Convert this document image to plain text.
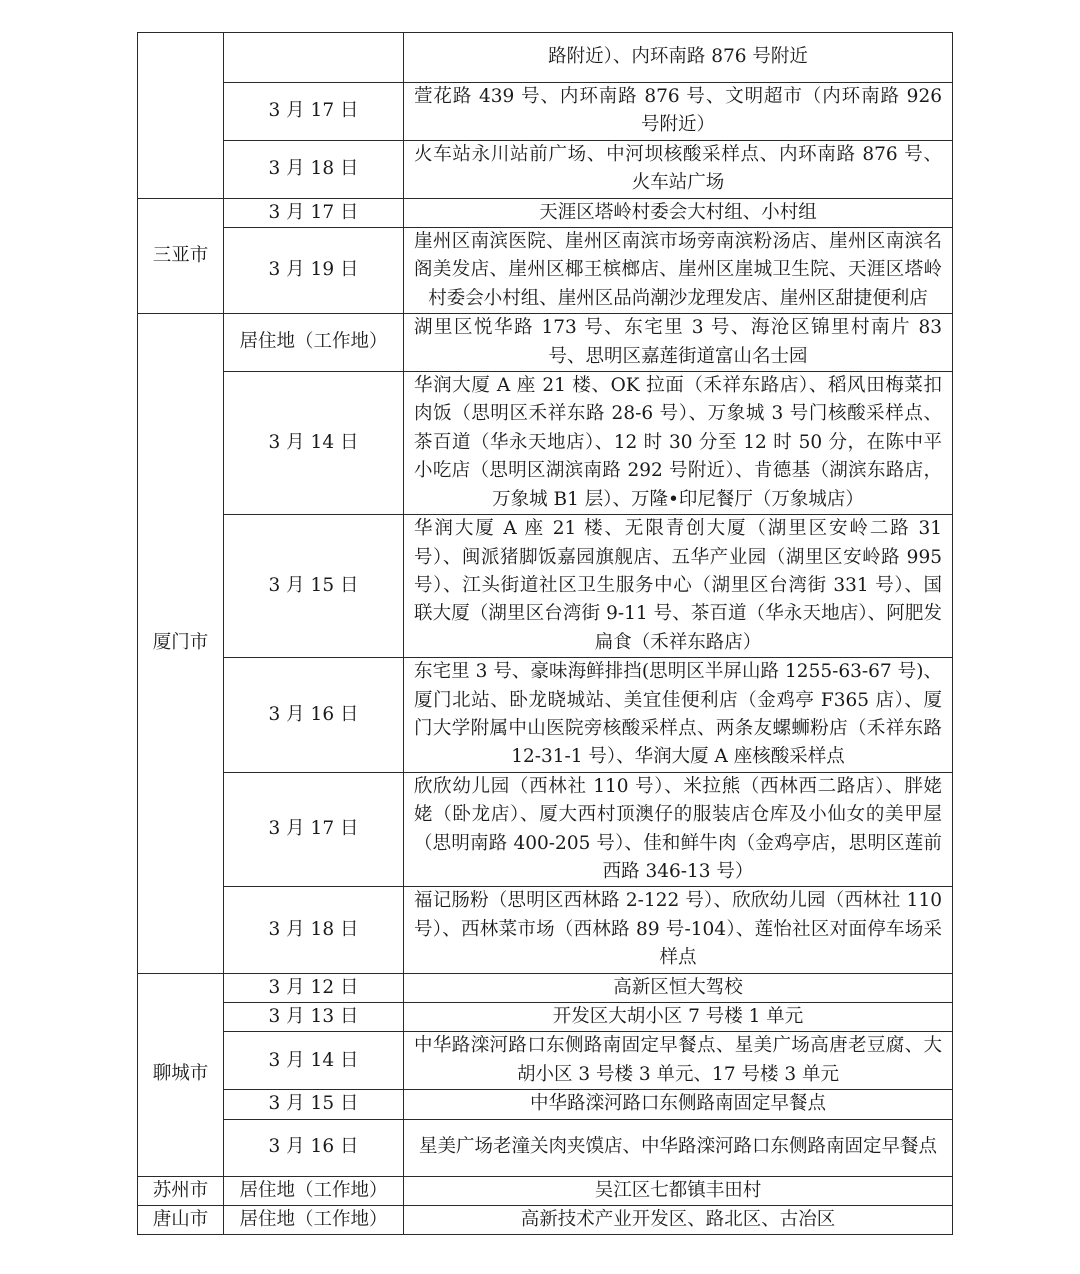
		路附近）、内环南路 876 号附近
	3 月 17 日	萱花路 439 号、内环南路 876 号、文明超市（内环南路 926 号附近）
	3 月 18 日	火车站永川站前广场、中河坝核酸采样点、内环南路 876 号、火车站广场
三亚市	3 月 17 日	天涯区塔岭村委会大村组、小村组
	3 月 19 日	崖州区南滨医院、崖州区南滨市场旁南滨粉汤店、崖州区南滨名阁美发店、崖州区椰王槟榔店、崖州区崖城卫生院、天涯区塔岭村委会小村组、崖州区品尚潮沙龙理发店、崖州区甜捷便利店
厦门市	居住地（工作地）	湖里区悦华路 173 号、东宅里 3 号、海沧区锦里村南片 83 号、思明区嘉莲街道富山名士园
	3 月 14 日	华润大厦 A 座 21 楼、OK 拉面（禾祥东路店）、稻风田梅菜扣肉饭（思明区禾祥东路 28-6 号）、万象城 3 号门核酸采样点、茶百道（华永天地店）、12 时 30 分至 12 时 50 分，在陈中平小吃店（思明区湖滨南路 292 号附近）、肯德基（湖滨东路店，万象城 B1 层）、万隆•印尼餐厅（万象城店）
	3 月 15 日	华润大厦 A 座 21 楼、无限青创大厦（湖里区安岭二路 31 号）、闽派猪脚饭嘉园旗舰店、五华产业园（湖里区安岭路 995 号）、江头街道社区卫生服务中心（湖里区台湾街 331 号）、国联大厦（湖里区台湾街 9-11 号、茶百道（华永天地店）、阿肥发扁食（禾祥东路店）
	3 月 16 日	东宅里 3 号、豪味海鲜排挡(思明区半屏山路 1255-63-67 号)、厦门北站、卧龙晓城站、美宜佳便利店（金鸡亭 F365 店）、厦门大学附属中山医院旁核酸采样点、两条友螺蛳粉店（禾祥东路 12-31-1 号）、华润大厦 A 座核酸采样点
	3 月 17 日	欣欣幼儿园（西林社 110 号）、米拉熊（西林西二路店）、胖姥姥（卧龙店）、厦大西村顶澳仔的服装店仓库及小仙女的美甲屋（思明南路 400-205 号）、佳和鲜牛肉（金鸡亭店，思明区莲前西路 346-13 号）
	3 月 18 日	福记肠粉（思明区西林路 2-122 号）、欣欣幼儿园（西林社 110 号）、西林菜市场（西林路 89 号-104）、莲怡社区对面停车场采样点
聊城市	3 月 12 日	高新区恒大驾校
	3 月 13 日	开发区大胡小区 7 号楼 1 单元
	3 月 14 日	中华路滦河路口东侧路南固定早餐点、星美广场高唐老豆腐、大胡小区 3 号楼 3 单元、17 号楼 3 单元
	3 月 15 日	中华路滦河路口东侧路南固定早餐点
	3 月 16 日	星美广场老潼关肉夹馍店、中华路滦河路口东侧路南固定早餐点
苏州市	居住地（工作地）	吴江区七都镇丰田村
唐山市	居住地（工作地）	高新技术产业开发区、路北区、古冶区
